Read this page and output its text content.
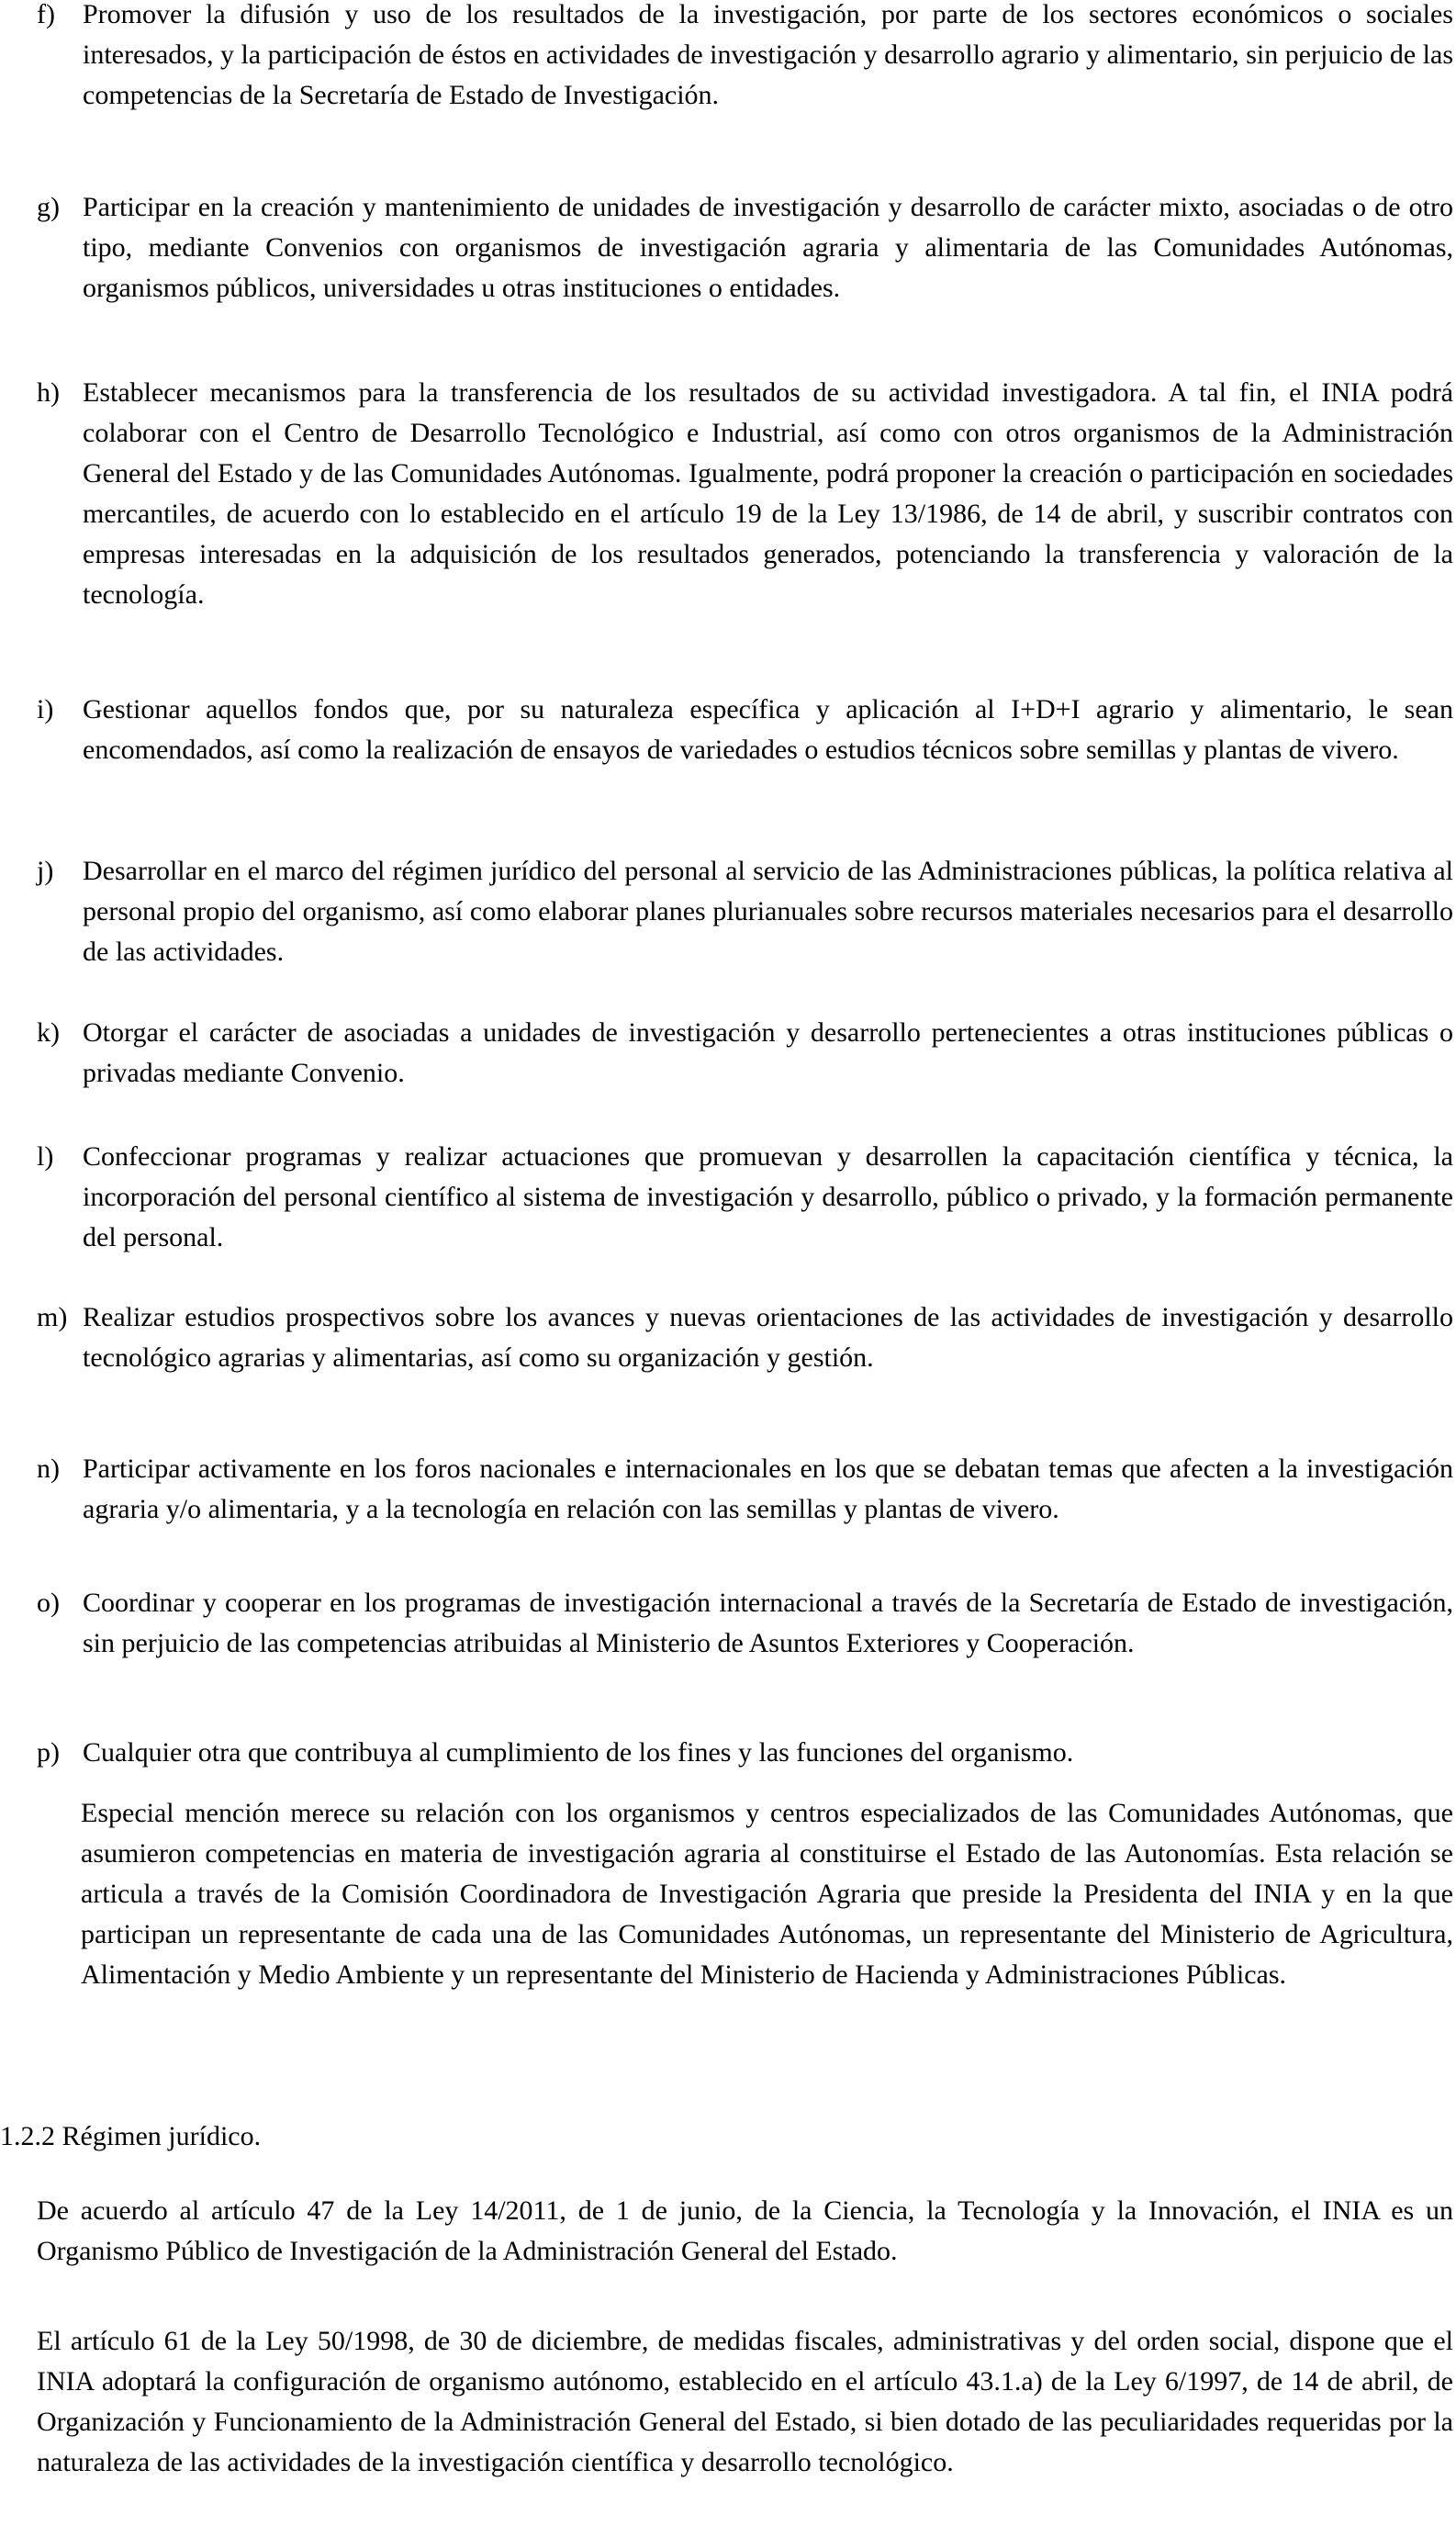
f)	Promover la difusión y uso de los resultados de la investigación, por parte de los sectores económicos o sociales interesados, y la participación de éstos en actividades de investigación y desarrollo agrario y alimentario, sin perjuicio de las competencias de la Secretaría de Estado de Investigación.
g) Participar en la creación y mantenimiento de unidades de investigación y desarrollo de carácter mixto, asociadas o de otro tipo, mediante Convenios con organismos de investigación agraria y alimentaria de las Comunidades Autónomas, organismos públicos, universidades u otras instituciones o entidades.
h) Establecer mecanismos para la transferencia de los resultados de su actividad investigadora. A tal fin, el INIA podrá colaborar con el Centro de Desarrollo Tecnológico e Industrial, así como con otros organismos de la Administración General del Estado y de las Comunidades Autónomas. Igualmente, podrá proponer la creación o participación en sociedades mercantiles, de acuerdo con lo establecido en el artículo 19 de la Ley 13/1986, de 14 de abril, y suscribir contratos con empresas interesadas en la adquisición de los resultados generados, potenciando la transferencia y valoración de la tecnología.
i)	Gestionar aquellos fondos que, por su naturaleza específica y aplicación al I+D+I agrario y alimentario, le sean encomendados, así como la realización de ensayos de variedades o estudios técnicos sobre semillas y plantas de vivero.
j)	Desarrollar en el marco del régimen jurídico del personal al servicio de las Administraciones públicas, la política relativa al personal propio del organismo, así como elaborar planes plurianuales sobre recursos materiales necesarios para el desarrollo de las actividades.
k) Otorgar el carácter de asociadas a unidades de investigación y desarrollo pertenecientes a otras instituciones públicas o privadas mediante Convenio.
l)	Confeccionar programas y realizar actuaciones que promuevan y desarrollen la capacitación científica y técnica, la incorporación del personal científico al sistema de investigación y desarrollo, público o privado, y la formación permanente del personal.
m) Realizar estudios prospectivos sobre los avances y nuevas orientaciones de las actividades de investigación y desarrollo tecnológico agrarias y alimentarias, así como su organización y gestión.
n) Participar activamente en los foros nacionales e internacionales en los que se debatan temas que afecten a la investigación agraria y/o alimentaria, y a la tecnología en relación con las semillas y plantas de vivero.
o) Coordinar y cooperar en los programas de investigación internacional a través de la Secretaría de Estado de investigación, sin perjuicio de las competencias atribuidas al Ministerio de Asuntos Exteriores y Cooperación.
p) Cualquier otra que contribuya al cumplimiento de los fines y las funciones del organismo.

Especial mención merece su relación con los organismos y centros especializados de las Comunidades Autónomas, que asumieron competencias en materia de investigación agraria al constituirse el Estado de las Autonomías. Esta relación se articula a través de la Comisión Coordinadora de Investigación Agraria que preside la Presidenta del INIA y en la que participan un representante de cada una de las Comunidades Autónomas, un representante del Ministerio de Agricultura, Alimentación y Medio Ambiente y un representante del Ministerio de Hacienda y Administraciones Públicas.

1.2.2 Régimen jurídico.

De acuerdo al artículo 47 de la Ley 14/2011, de 1 de junio, de la Ciencia, la Tecnología y la Innovación, el INIA es un Organismo Público de Investigación de la Administración General del Estado.

El artículo 61 de la Ley 50/1998, de 30 de diciembre, de medidas fiscales, administrativas y del orden social, dispone que el INIA adoptará la configuración de organismo autónomo, establecido en el artículo 43.1.a) de la Ley 6/1997, de 14 de abril, de Organización y Funcionamiento de la Administración General del Estado, si bien dotado de las peculiaridades requeridas por la naturaleza de las actividades de la investigación científica y desarrollo tecnológico.
